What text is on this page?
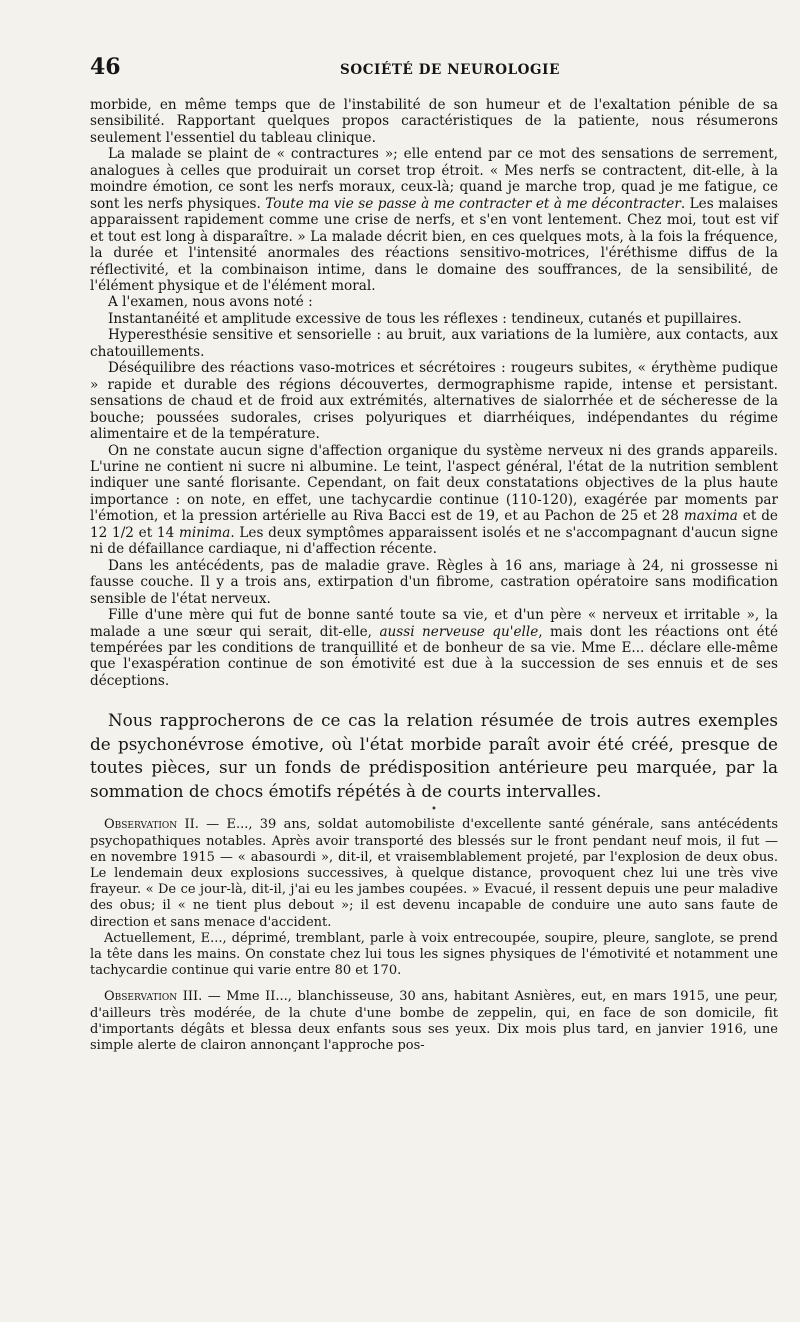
46	SOCIÉTÉ DE NEUROLOGIE

morbide, en même temps que de l'instabilité de son humeur et de l'exaltation pénible de sa sensibilité. Rapportant quelques propos caractéristiques de la patiente, nous résumerons seulement l'essentiel du tableau clinique.

La malade se plaint de « contractures »; elle entend par ce mot des sensations de serrement, analogues à celles que produirait un corset trop étroit. « Mes nerfs se contractent, dit-elle, à la moindre émotion, ce sont les nerfs moraux, ceux-là; quand je marche trop, quad je me fatigue, ce sont les nerfs physiques. Toute ma vie se passe à me contracter et à me décontracter. Les malaises apparaissent rapidement comme une crise de nerfs, et s'en vont lentement. Chez moi, tout est vif et tout est long à disparaître. » La malade décrit bien, en ces quelques mots, à la fois la fréquence, la durée et l'intensité anormales des réactions sensitivo-motrices, l'éréthisme diffus de la réflectivité, et la combinaison intime, dans le domaine des souffrances, de la sensibilité, de l'élément physique et de l'élément moral.

A l'examen, nous avons noté :

Instantanéité et amplitude excessive de tous les réflexes : tendineux, cutanés et pupillaires.

Hyperesthésie sensitive et sensorielle : au bruit, aux variations de la lumière, aux contacts, aux chatouillements.

Déséquilibre des réactions vaso-motrices et sécrétoires : rougeurs subites, « érythème pudique » rapide et durable des régions découvertes, dermographisme rapide, intense et persistant. sensations de chaud et de froid aux extrémités, alternatives de sialorrhée et de sécheresse de la bouche; poussées sudorales, crises polyuriques et diarrhéiques, indépendantes du régime alimentaire et de la température.

On ne constate aucun signe d'affection organique du système nerveux ni des grands appareils. L'urine ne contient ni sucre ni albumine. Le teint, l'aspect général, l'état de la nutrition semblent indiquer une santé florisante. Cependant, on fait deux constatations objectives de la plus haute importance : on note, en effet, une tachycardie continue (110-120), exagérée par moments par l'émotion, et la pression artérielle au Riva Bacci est de 19, et au Pachon de 25 et 28 maxima et de 12 1/2 et 14 minima. Les deux symptômes apparaissent isolés et ne s'accompagnant d'aucun signe ni de défaillance cardiaque, ni d'affection récente.

Dans les antécédents, pas de maladie grave. Règles à 16 ans, mariage à 24, ni grossesse ni fausse couche. Il y a trois ans, extirpation d'un fibrome, castration opératoire sans modification sensible de l'état nerveux.

Fille d'une mère qui fut de bonne santé toute sa vie, et d'un père « nerveux et irritable », la malade a une sœur qui serait, dit-elle, aussi nerveuse qu'elle, mais dont les réactions ont été tempérées par les conditions de tranquillité et de bonheur de sa vie. Mme E... déclare elle-même que l'exaspération continue de son émotivité est due à la succession de ses ennuis et de ses déceptions.

Nous rapprocherons de ce cas la relation résumée de trois autres exemples de psychonévrose émotive, où l'état morbide paraît avoir été créé, presque de toutes pièces, sur un fonds de prédisposition antérieure peu marquée, par la sommation de chocs émotifs répétés à de courts intervalles.

•

Observation II. — E..., 39 ans, soldat automobiliste d'excellente santé générale, sans antécédents psychopathiques notables. Après avoir transporté des blessés sur le front pendant neuf mois, il fut — en novembre 1915 — « abasourdi », dit-il, et vraisemblablement projeté, par l'explosion de deux obus. Le lendemain deux explosions successives, à quelque distance, provoquent chez lui une très vive frayeur. « De ce jour-là, dit-il, j'ai eu les jambes coupées. » Evacué, il ressent depuis une peur maladive des obus; il « ne tient plus debout »; il est devenu incapable de conduire une auto sans faute de direction et sans menace d'accident.

Actuellement, E..., déprimé, tremblant, parle à voix entrecoupée, soupire, pleure, sanglote, se prend la tête dans les mains. On constate chez lui tous les signes physiques de l'émotivité et notamment une tachycardie continue qui varie entre 80 et 170.

Observation III. — Mme II..., blanchisseuse, 30 ans, habitant Asnières, eut, en mars 1915, une peur, d'ailleurs très modérée, de la chute d'une bombe de zeppelin, qui, en face de son domicile, fit d'importants dégâts et blessa deux enfants sous ses yeux. Dix mois plus tard, en janvier 1916, une simple alerte de clairon annonçant l'approche pos-
